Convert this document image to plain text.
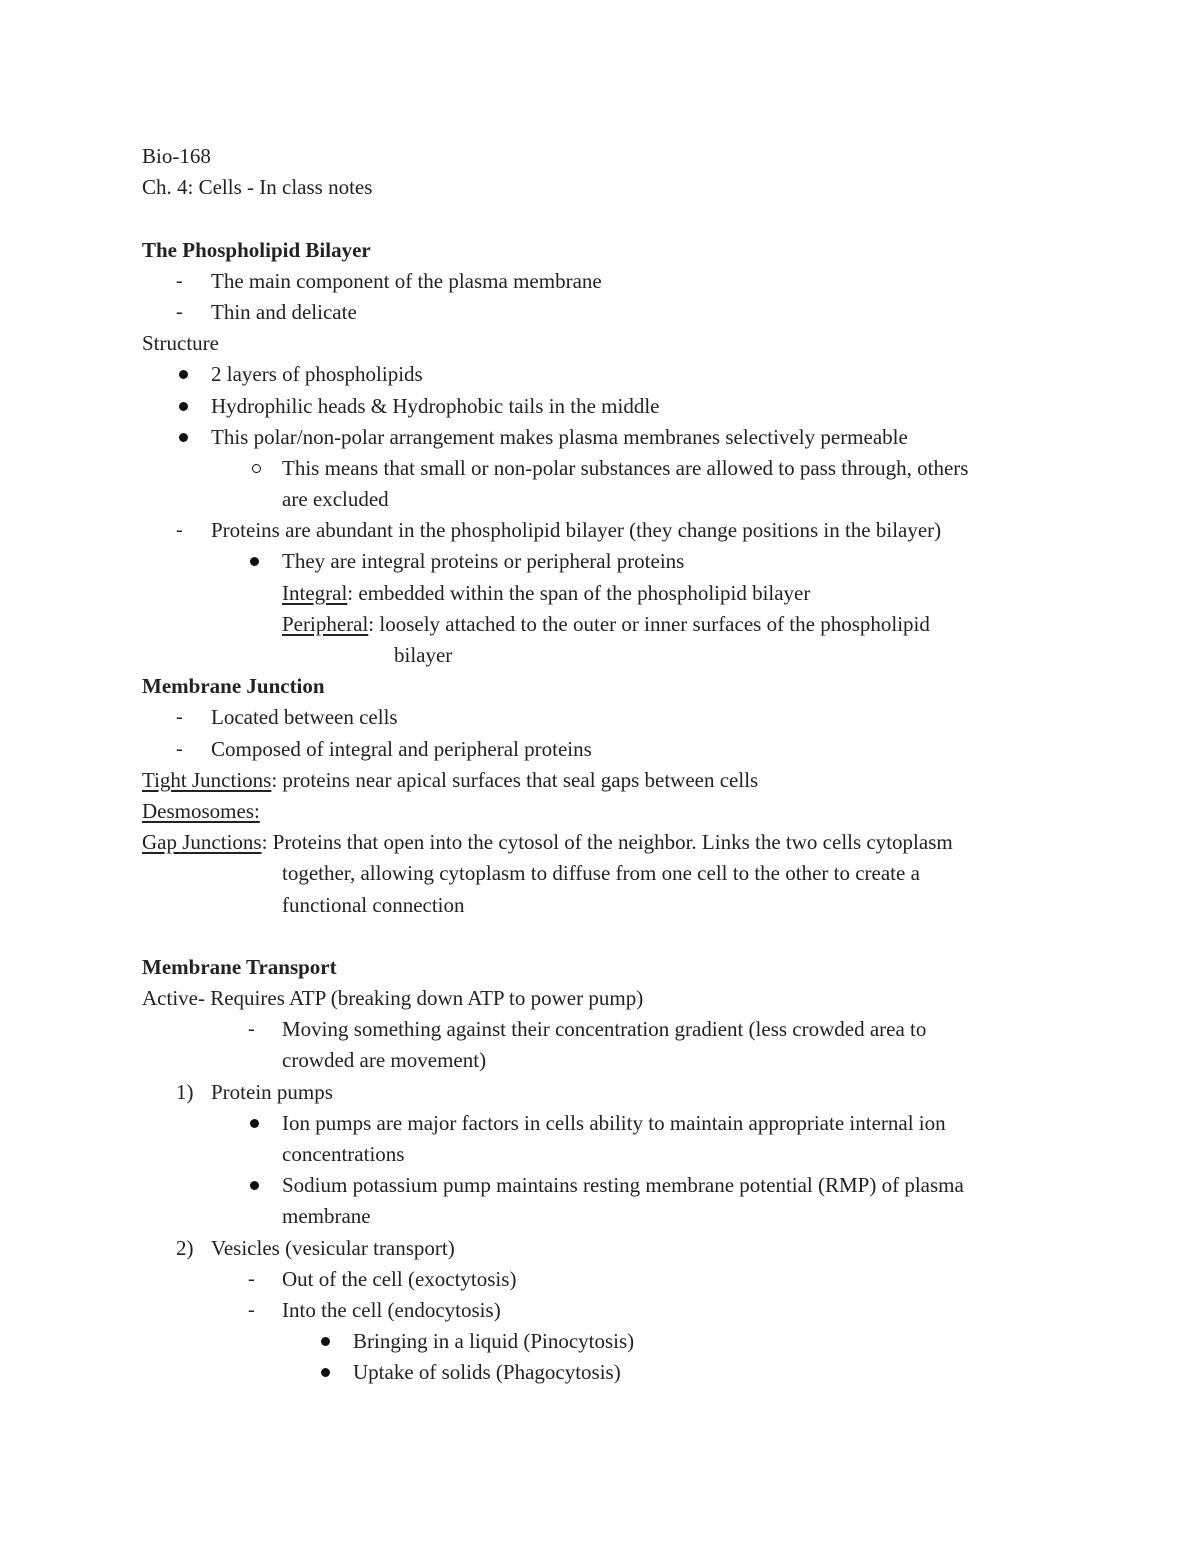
Bio-168
Ch. 4: Cells - In class notes
The Phospholipid Bilayer
- The main component of the plasma membrane
- Thin and delicate
Structure
2 layers of phospholipids
Hydrophilic heads & Hydrophobic tails in the middle
This polar/non-polar arrangement makes plasma membranes selectively permeable
This means that small or non-polar substances are allowed to pass through, others
are excluded
- Proteins are abundant in the phospholipid bilayer (they change positions in the bilayer)
They are integral proteins or peripheral proteins
Integral: embedded within the span of the phospholipid bilayer
Peripheral: loosely attached to the outer or inner surfaces of the phospholipid
bilayer
Membrane Junction
- Located between cells
- Composed of integral and peripheral proteins
Tight Junctions: proteins near apical surfaces that seal gaps between cells
Desmosomes:
Gap Junctions: Proteins that open into the cytosol of the neighbor. Links the two cells cytoplasm
together, allowing cytoplasm to diffuse from one cell to the other to create a
functional connection
Membrane Transport
Active- Requires ATP (breaking down ATP to power pump)
- Moving something against their concentration gradient (less crowded area to
crowded are movement)
1) Protein pumps
Ion pumps are major factors in cells ability to maintain appropriate internal ion
concentrations
Sodium potassium pump maintains resting membrane potential (RMP) of plasma
membrane
2) Vesicles (vesicular transport)
- Out of the cell (exoctytosis)
- Into the cell (endocytosis)
Bringing in a liquid (Pinocytosis)
Uptake of solids (Phagocytosis)
